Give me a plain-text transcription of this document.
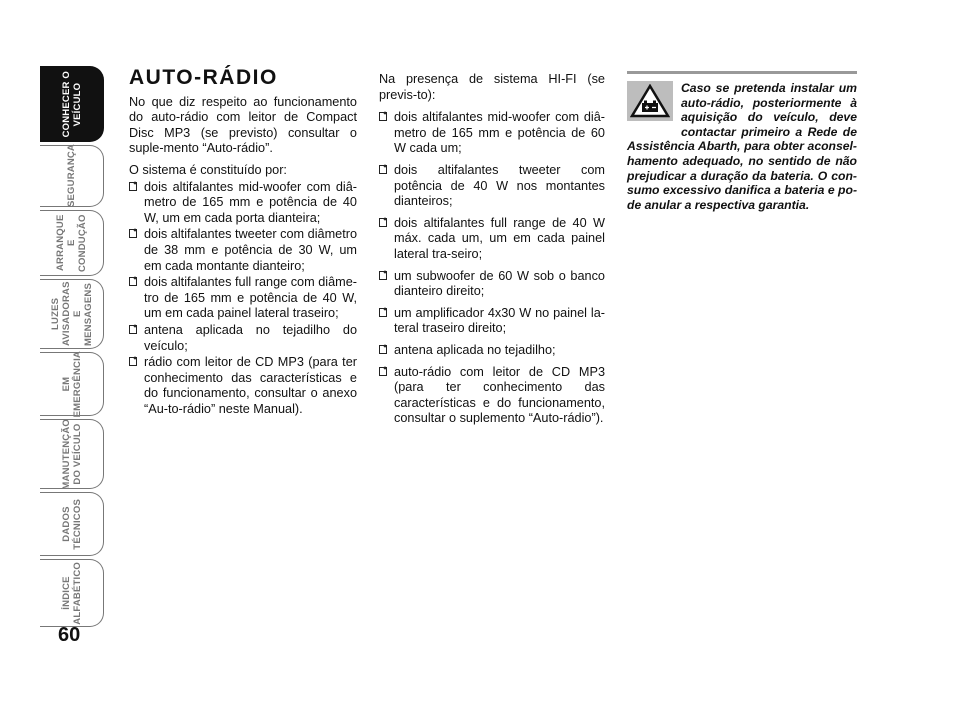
CONHECER O
VEÍCULO
SEGURANÇA
ARRANQUE
E CONDUÇÃO
LUZES
AVISADORAS
E MENSAGENS
EM
EMERGÊNCIA
MANUTENÇÃO
DO VEÍCULO
DADOS
TÉCNICOS
ÍNDICE
ALFABÉTICO
60
AUTO-RÁDIO

No que diz respeito ao funcionamento do auto-rádio com leitor de Compact Disc MP3 (se previsto) consultar o suple-mento “Auto-rádio”.

O sistema é constituído por:

dois altifalantes mid-woofer com diâ-metro de 165 mm e potência de 40 W, um em cada porta dianteira;
dois altifalantes tweeter com diâmetro de 38 mm e potência de 30 W, um em cada montante dianteiro;
dois altifalantes full range com diâme-tro de 165 mm e potência de 40 W, um em cada painel lateral traseiro;
antena aplicada no tejadilho do veículo;
rádio com leitor de CD MP3 (para ter conhecimento das características e do funcionamento, consultar o anexo “Au-to-rádio” neste Manual).

Na presença de sistema HI-FI (se previs-to):

dois altifalantes mid-woofer com diâ-metro de 165 mm e potência de 60 W cada um;
dois altifalantes tweeter com potência de 40 W nos montantes dianteiros;
dois altifalantes full range de 40 W máx. cada um, um em cada painel lateral tra-seiro;
um subwoofer de 60 W sob o banco dianteiro direito;
um amplificador 4x30 W no painel la-teral traseiro direito;
antena aplicada no tejadilho;
auto-rádio com leitor de CD MP3 (para ter conhecimento das características e do funcionamento, consultar o suplemento “Auto-rádio”).
Caso se pretenda instalar um auto-rádio, posteriormente à aquisição do veículo, deve contactar primeiro a Rede de Assistência Abarth, para obter aconsel-hamento adequado, no sentido de não prejudicar a duração da bateria. O con-sumo excessivo danifica a bateria e po-de anular a respectiva garantia.
